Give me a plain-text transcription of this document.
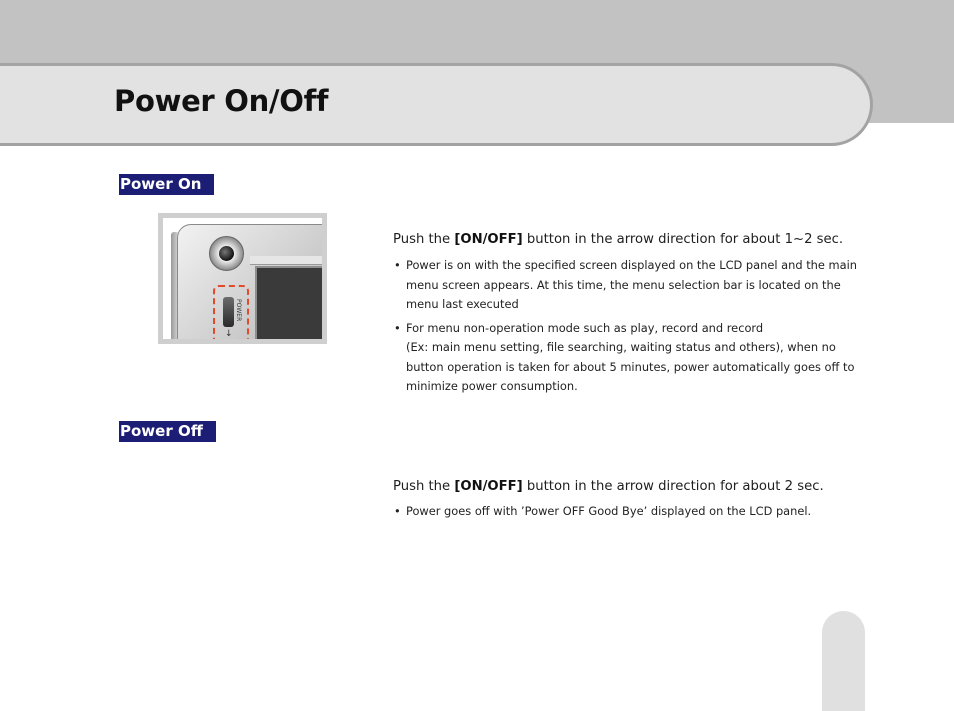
Power On/Off
Power On
POWER
↓

Push the [ON/OFF] button in the arrow direction for about 1~2 sec.

• Power is on with the specified screen displayed on the LCD panel and the main menu screen appears. At this time, the menu selection bar is located on the menu last executed

• For menu non-operation mode such as play, record and record
(Ex: main menu setting, file searching, waiting status and others), when no button operation is taken for about 5 minutes, power automatically goes off to minimize power consumption.

Power Off

Push the [ON/OFF] button in the arrow direction for about 2 sec.

• Power goes off with ’Power OFF Good Bye’ displayed on the LCD panel.
